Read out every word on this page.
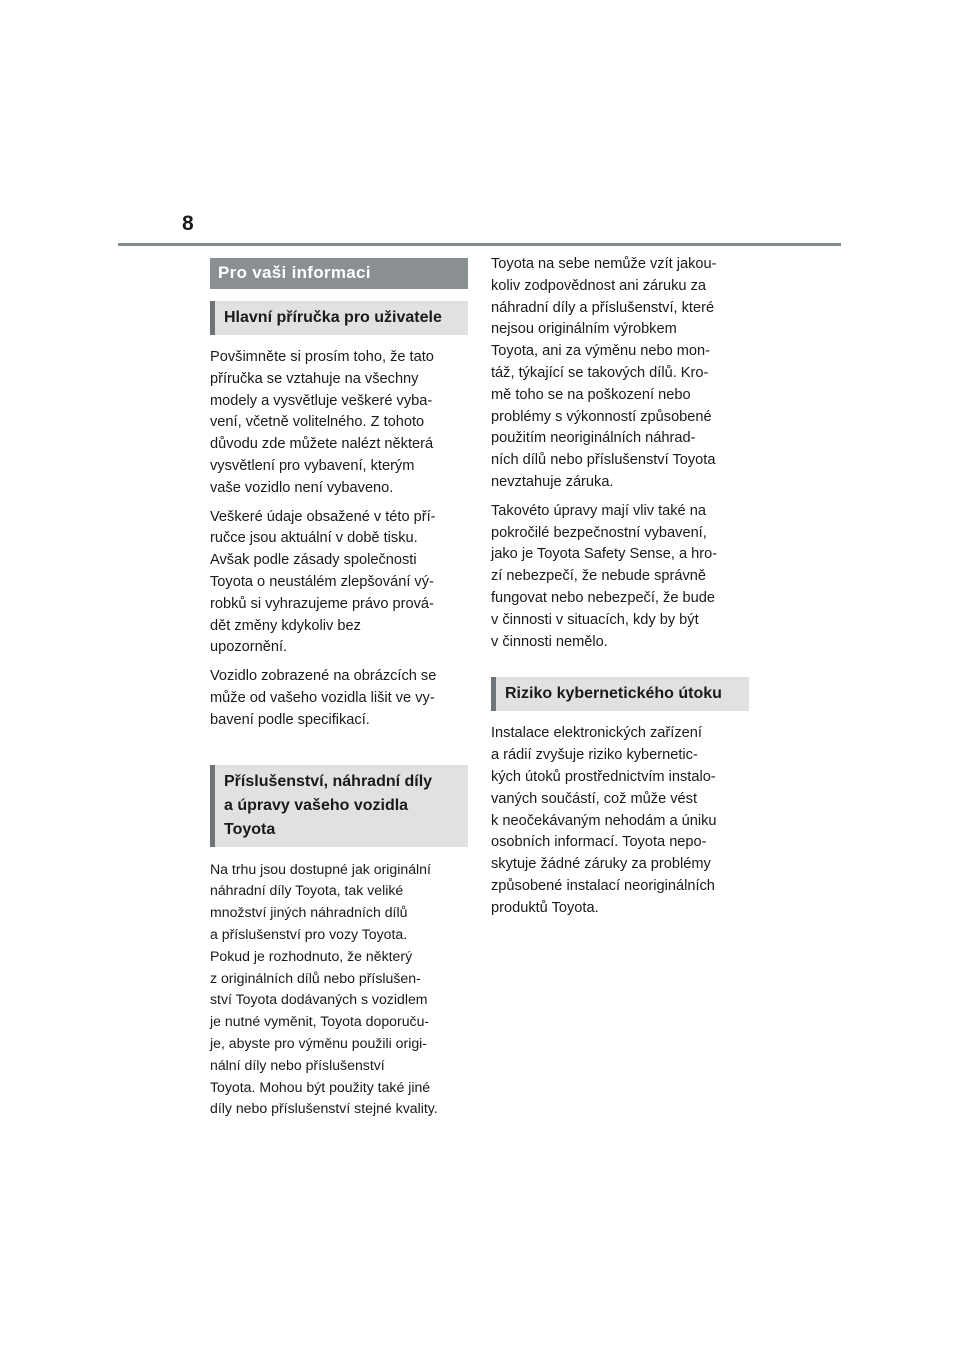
8
Pro vaši informaci
Hlavní příručka pro uživatele
Povšimněte si prosím toho, že tato
příručka se vztahuje na všechny
modely a vysvětluje veškeré vyba-
vení, včetně volitelného. Z tohoto
důvodu zde můžete nalézt některá
vysvětlení pro vybavení, kterým
vaše vozidlo není vybaveno.
Veškeré údaje obsažené v této pří-
ručce jsou aktuální v době tisku.
Avšak podle zásady společnosti
Toyota o neustálém zlepšování vý-
robků si vyhrazujeme právo prová-
dět změny kdykoliv bez
upozornění.
Vozidlo zobrazené na obrázcích se
může od vašeho vozidla lišit ve vy-
bavení podle specifikací.
Příslušenství, náhradní díly
a úpravy vašeho vozidla
Toyota
Na trhu jsou dostupné jak originální
náhradní díly Toyota, tak veliké
množství jiných náhradních dílů
a příslušenství pro vozy Toyota.
Pokud je rozhodnuto, že některý
z originálních dílů nebo příslušen-
ství Toyota dodávaných s vozidlem
je nutné vyměnit, Toyota doporuču-
je, abyste pro výměnu použili origi-
nální díly nebo příslušenství
Toyota. Mohou být použity také jiné
díly nebo příslušenství stejné kvality.
Toyota na sebe nemůže vzít jakou-
koliv zodpovědnost ani záruku za
náhradní díly a příslušenství, které
nejsou originálním výrobkem
Toyota, ani za výměnu nebo mon-
táž, týkající se takových dílů. Kro-
mě toho se na poškození nebo
problémy s výkonností způsobené
použitím neoriginálních náhrad-
ních dílů nebo příslušenství Toyota
nevztahuje záruka.
Takovéto úpravy mají vliv také na
pokročilé bezpečnostní vybavení,
jako je Toyota Safety Sense, a hro-
zí nebezpečí, že nebude správně
fungovat nebo nebezpečí, že bude
v činnosti v situacích, kdy by být
v činnosti nemělo.
Riziko kybernetického útoku
Instalace elektronických zařízení
a rádií zvyšuje riziko kybernetic-
kých útoků prostřednictvím instalo-
vaných součástí, což může vést
k neočekávaným nehodám a úniku
osobních informací. Toyota nepo-
skytuje žádné záruky za problémy
způsobené instalací neoriginálních
produktů Toyota.
